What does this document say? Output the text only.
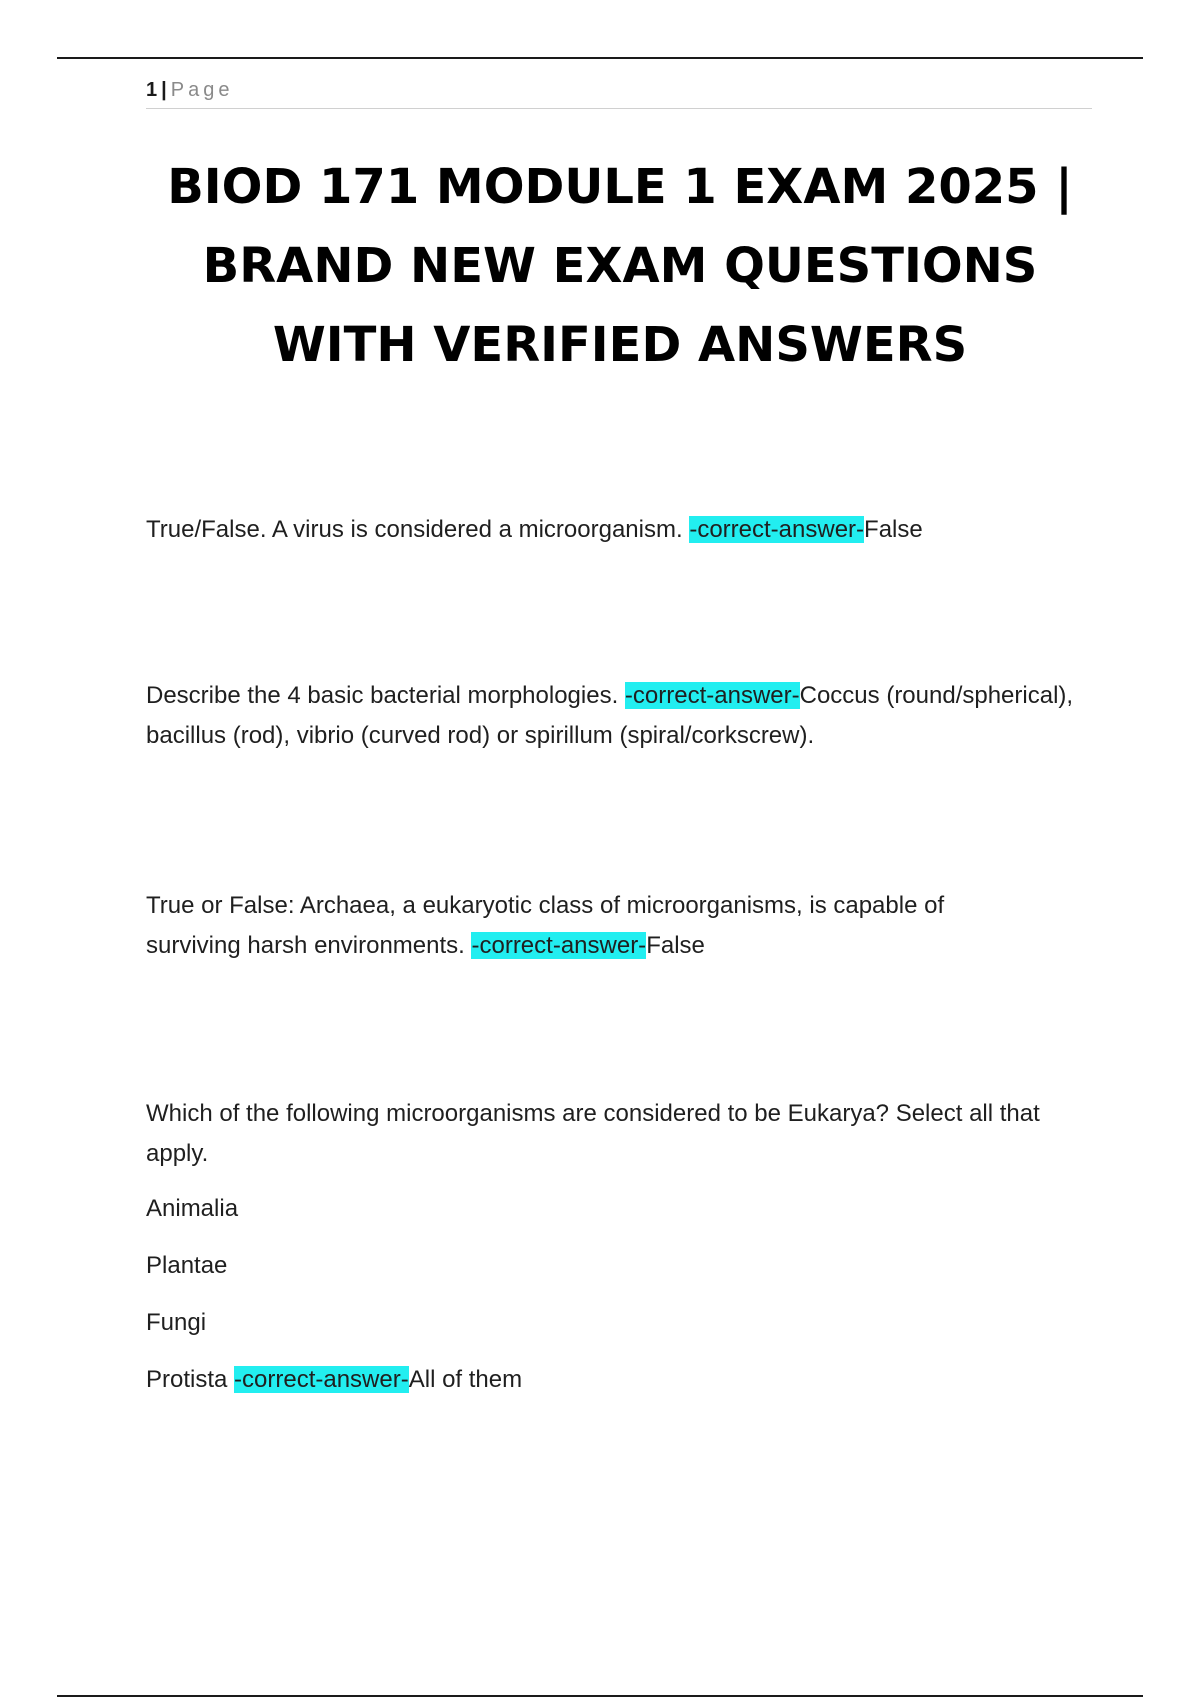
1 | Page
BIOD 171 MODULE 1 EXAM 2025 |
BRAND NEW EXAM QUESTIONS
WITH VERIFIED ANSWERS

True/False. A virus is considered a microorganism. -correct-answer-False

Describe the 4 basic bacterial morphologies. -correct-answer-Coccus (round/spherical), bacillus (rod), vibrio (curved rod) or spirillum (spiral/corkscrew).

True or False: Archaea, a eukaryotic class of microorganisms, is capable of surviving harsh environments. -correct-answer-False

Which of the following microorganisms are considered to be Eukarya? Select all that apply.

Animalia

Plantae

Fungi

Protista -correct-answer-All of them
